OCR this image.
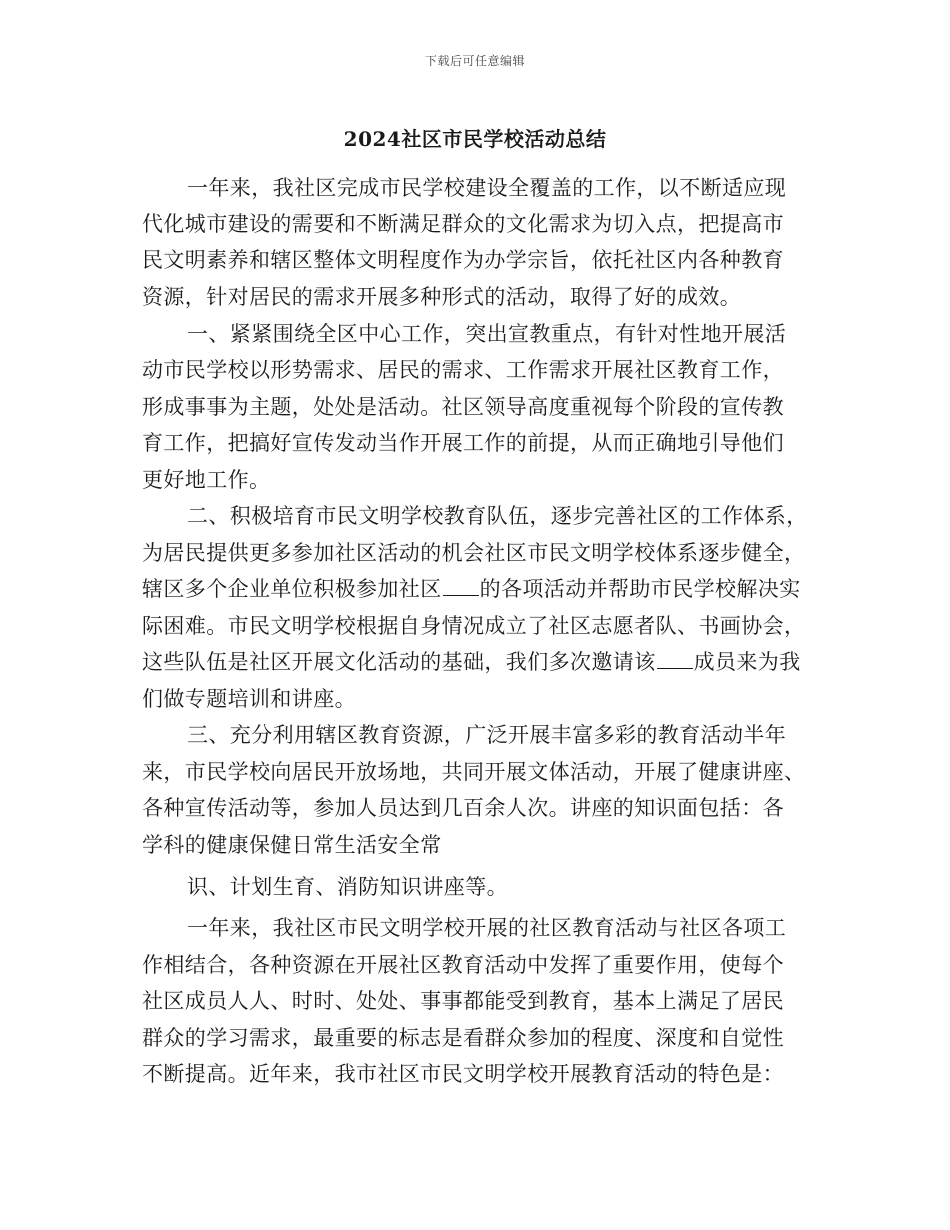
下载后可任意编辑
2024社区市民学校活动总结
一年来，我社区完成市民学校建设全覆盖的工作，以不断适应现
代化城市建设的需要和不断满足群众的文化需求为切入点，把提高市
民文明素养和辖区整体文明程度作为办学宗旨，依托社区内各种教育
资源，针对居民的需求开展多种形式的活动，取得了好的成效。
一、紧紧围绕全区中心工作，突出宣教重点，有针对性地开展活
动市民学校以形势需求、居民的需求、工作需求开展社区教育工作，
形成事事为主题，处处是活动。社区领导高度重视每个阶段的宣传教
育工作，把搞好宣传发动当作开展工作的前提，从而正确地引导他们
更好地工作。
二、积极培育市民文明学校教育队伍，逐步完善社区的工作体系，
为居民提供更多参加社区活动的机会社区市民文明学校体系逐步健全，
辖区多个企业单位积极参加社区 的各项活动并帮助市民学校解决实
际困难。市民文明学校根据自身情况成立了社区志愿者队、书画协会，
这些队伍是社区开展文化活动的基础，我们多次邀请该 成员来为我
们做专题培训和讲座。
三、充分利用辖区教育资源，广泛开展丰富多彩的教育活动半年
来，市民学校向居民开放场地，共同开展文体活动，开展了健康讲座、
各种宣传活动等，参加人员达到几百余人次。讲座的知识面包括：各
学科的健康保健日常生活安全常
识、计划生育、消防知识讲座等。
一年来，我社区市民文明学校开展的社区教育活动与社区各项工
作相结合，各种资源在开展社区教育活动中发挥了重要作用，使每个
社区成员人人、时时、处处、事事都能受到教育，基本上满足了居民
群众的学习需求，最重要的标志是看群众参加的程度、深度和自觉性
不断提高。近年来，我市社区市民文明学校开展教育活动的特色是：
